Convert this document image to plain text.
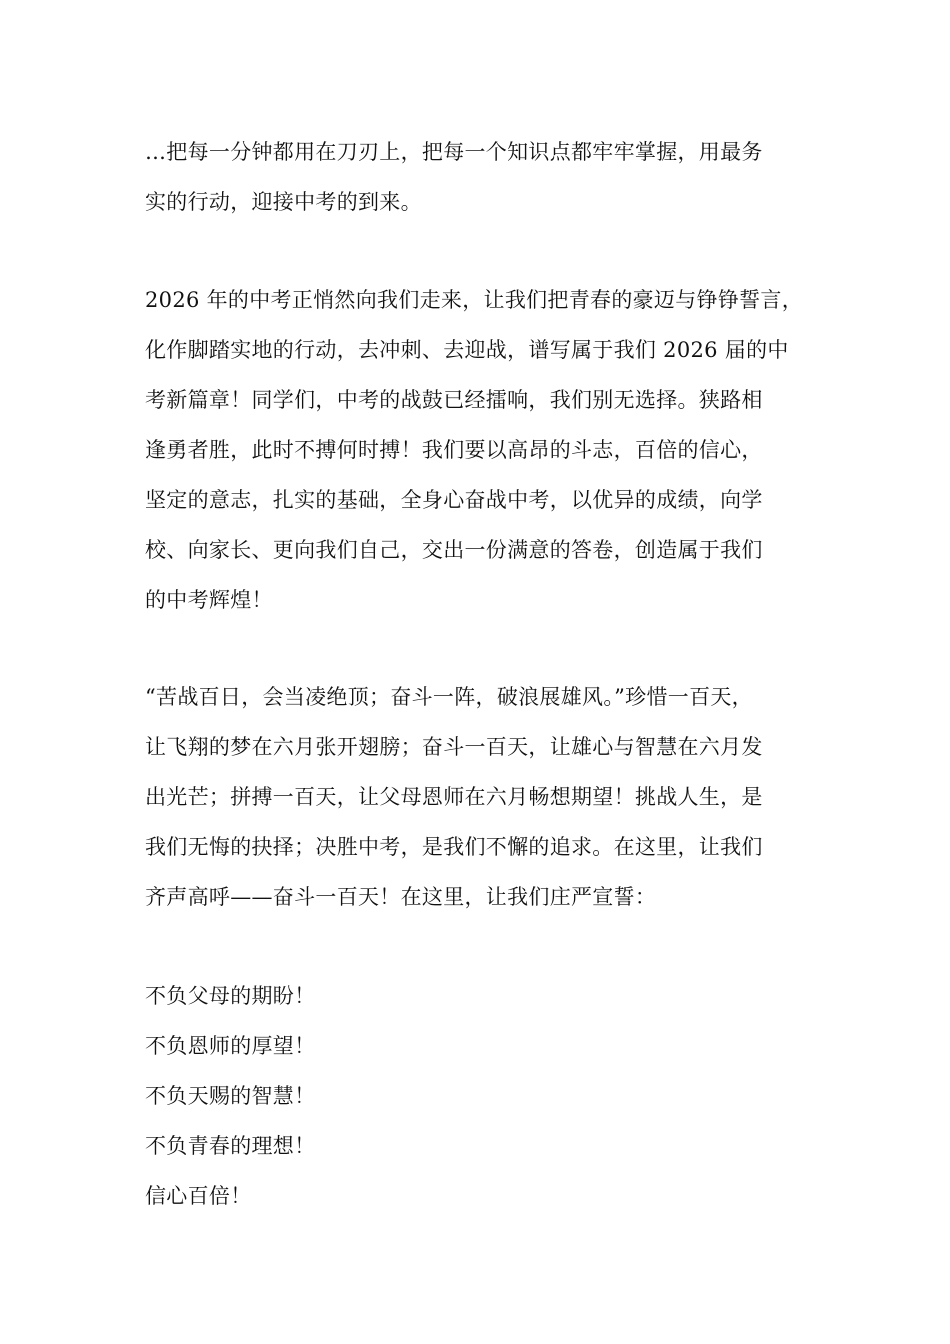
…把每一分钟都用在刀刃上，把每一个知识点都牢牢掌握，用最务
实的行动，迎接中考的到来。
2026 年的中考正悄然向我们走来，让我们把青春的豪迈与铮铮誓言，
化作脚踏实地的行动，去冲刺、去迎战，谱写属于我们 2026 届的中
考新篇章！同学们，中考的战鼓已经擂响，我们别无选择。狭路相
逢勇者胜，此时不搏何时搏！我们要以高昂的斗志，百倍的信心，
坚定的意志，扎实的基础，全身心奋战中考，以优异的成绩，向学
校、向家长、更向我们自己，交出一份满意的答卷，创造属于我们
的中考辉煌！
“苦战百日，会当凌绝顶；奋斗一阵，破浪展雄风。”珍惜一百天，
让飞翔的梦在六月张开翅膀；奋斗一百天，让雄心与智慧在六月发
出光芒；拼搏一百天，让父母恩师在六月畅想期望！挑战人生，是
我们无悔的抉择；决胜中考，是我们不懈的追求。在这里，让我们
齐声高呼——奋斗一百天！在这里，让我们庄严宣誓：
不负父母的期盼！
不负恩师的厚望！
不负天赐的智慧！
不负青春的理想！
信心百倍！
